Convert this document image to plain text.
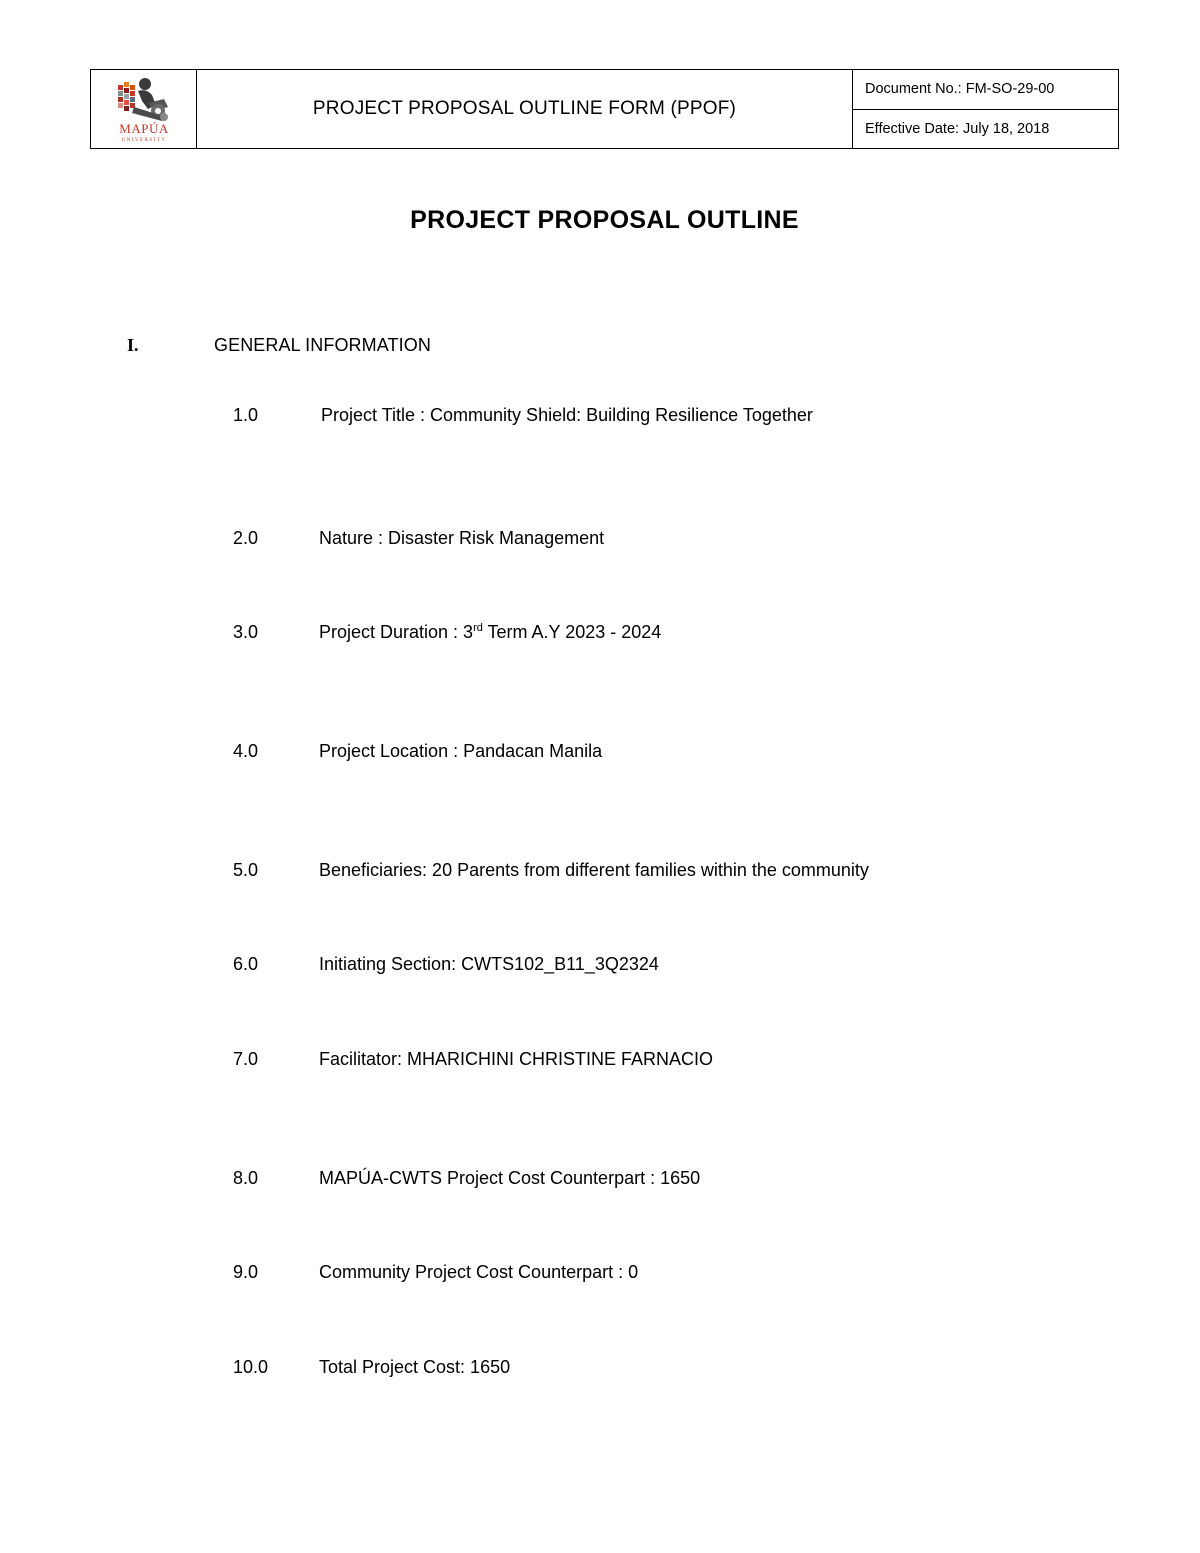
MAPÚA
UNIVERSITY
PROJECT PROPOSAL OUTLINE FORM (PPOF)
Document No.: FM-SO-29-00
Effective Date: July 18, 2018
PROJECT PROPOSAL OUTLINE
I.	GENERAL INFORMATION
1.0	Project Title : Community Shield: Building Resilience Together
2.0	Nature : Disaster Risk Management
3.0	Project Duration : 3rd Term A.Y 2023 - 2024
4.0	Project Location : Pandacan Manila
5.0	Beneficiaries: 20 Parents from different families within the community
6.0	Initiating Section: CWTS102_B11_3Q2324
7.0	Facilitator: MHARICHINI CHRISTINE FARNACIO
8.0	MAPÚA-CWTS Project Cost Counterpart : 1650
9.0	Community Project Cost Counterpart : 0
10.0	Total Project Cost: 1650
